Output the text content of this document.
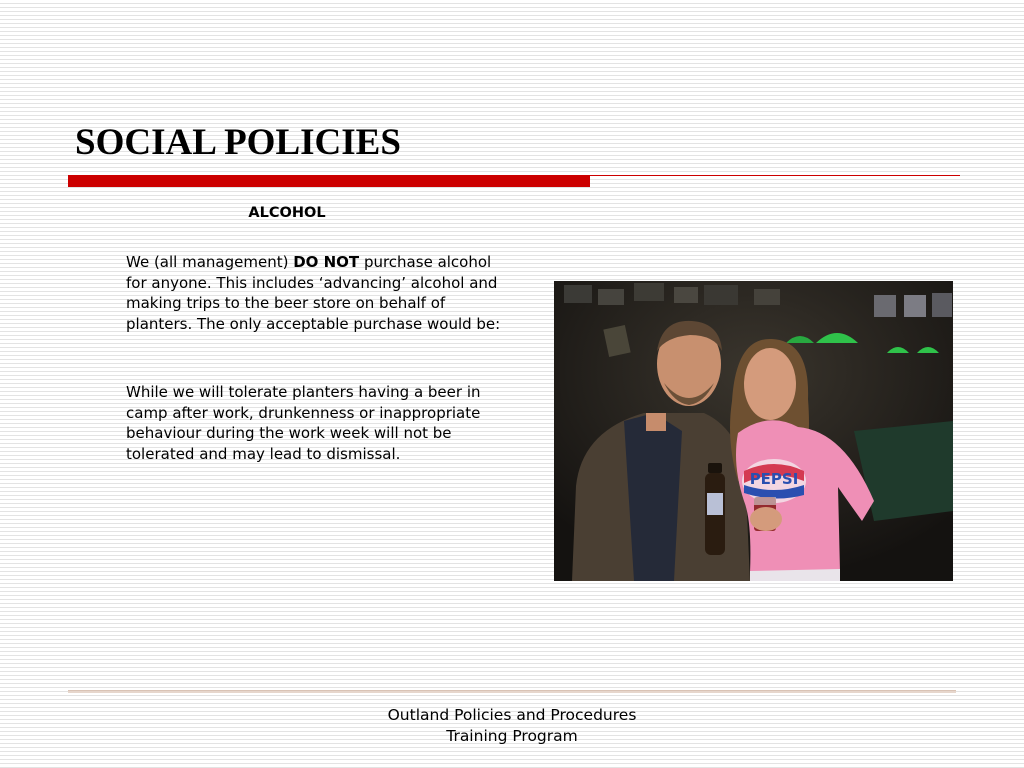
SOCIAL POLICIES
ALCOHOL

We (all management) DO NOT purchase alcohol for anyone. This includes ‘advancing’ alcohol and making trips to the beer store on behalf of planters. The only acceptable purchase would be:

While we will tolerate planters having a beer in camp after work, drunkenness or inappropriate behaviour during the work week will not be tolerated and may lead to dismissal.

PEPSI

Outland Policies and Procedures
Training Program
